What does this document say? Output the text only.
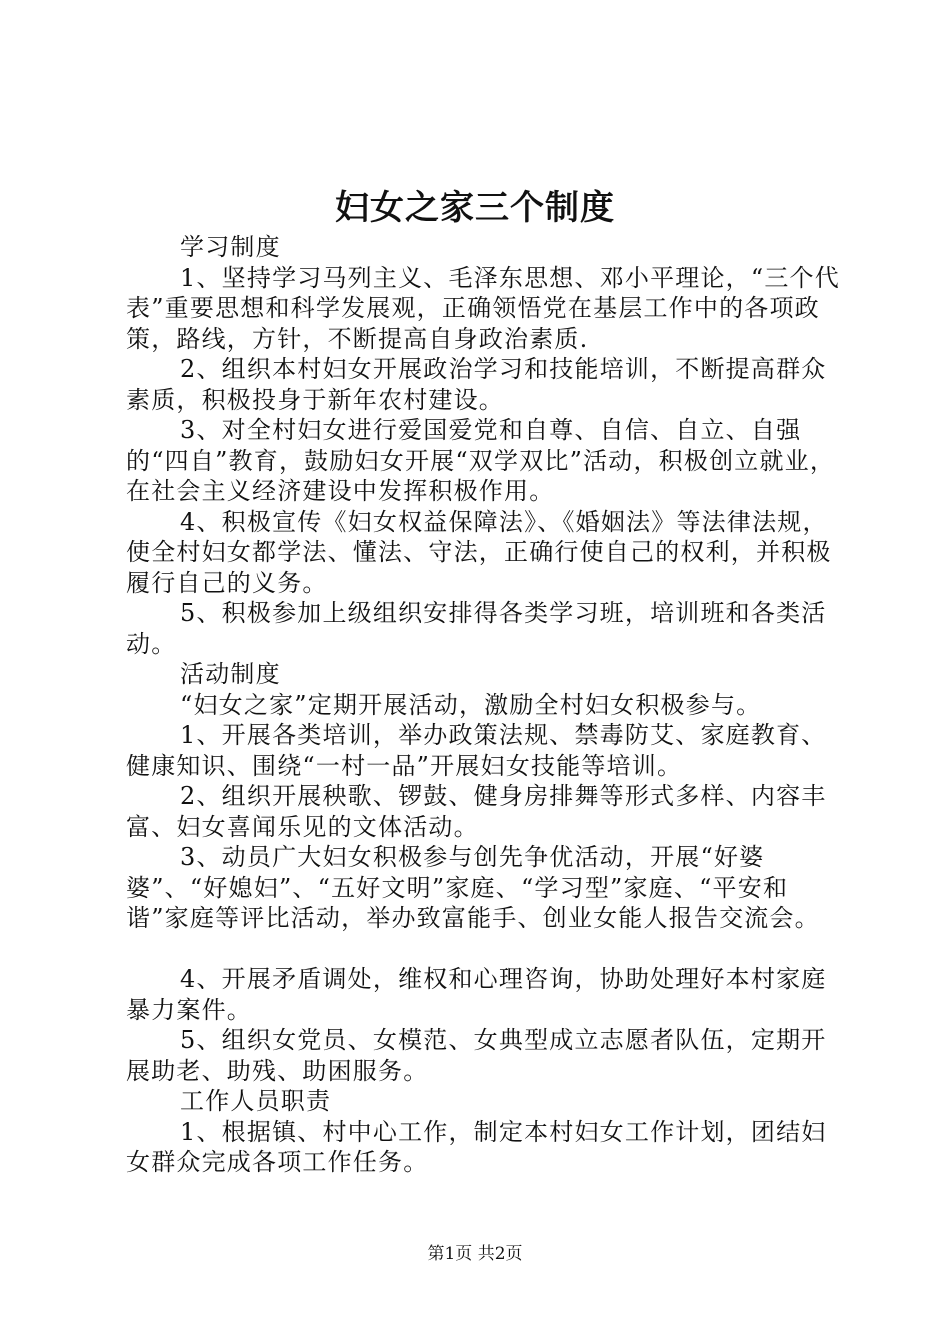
妇女之家三个制度

学习制度

1、坚持学习马列主义、毛泽东思想、邓小平理论，“三个代表”重要思想和科学发展观，正确领悟党在基层工作中的各项政策，路线，方针，不断提高自身政治素质.

2、组织本村妇女开展政治学习和技能培训，不断提高群众素质，积极投身于新年农村建设。

3、对全村妇女进行爱国爱党和自尊、自信、自立、自强的“四自”教育，鼓励妇女开展“双学双比”活动，积极创立就业，在社会主义经济建设中发挥积极作用。

4、积极宣传《妇女权益保障法》、《婚姻法》等法律法规，使全村妇女都学法、懂法、守法，正确行使自己的权利，并积极履行自己的义务。

5、积极参加上级组织安排得各类学习班，培训班和各类活动。

活动制度

“妇女之家”定期开展活动，激励全村妇女积极参与。

1、开展各类培训，举办政策法规、禁毒防艾、家庭教育、健康知识、围绕“一村一品”开展妇女技能等培训。

2、组织开展秧歌、锣鼓、健身房排舞等形式多样、内容丰富、妇女喜闻乐见的文体活动。

3、动员广大妇女积极参与创先争优活动，开展“好婆婆”、“好媳妇”、“五好文明”家庭、“学习型”家庭、“平安和谐”家庭等评比活动，举办致富能手、创业女能人报告交流会。

4、开展矛盾调处，维权和心理咨询，协助处理好本村家庭暴力案件。

5、组织女党员、女模范、女典型成立志愿者队伍，定期开展助老、助残、助困服务。

工作人员职责

1、根据镇、村中心工作，制定本村妇女工作计划，团结妇女群众完成各项工作任务。

第1页 共2页
